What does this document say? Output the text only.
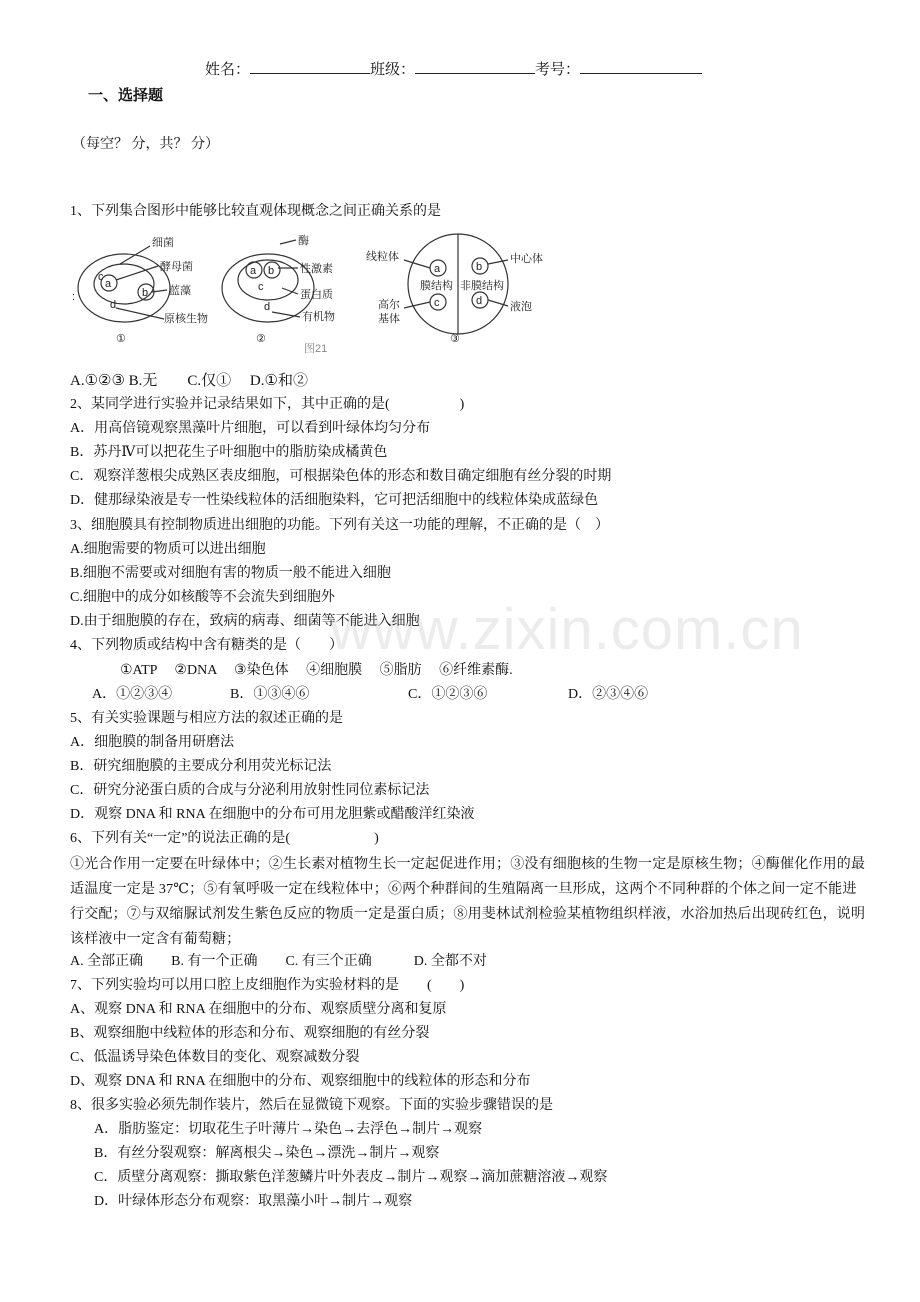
姓名：	班级：	考号：
一、选择题
（每空？ 分，共？ 分）
1、下列集合图形中能够比较直观体现概念之间正确关系的是
a
b
c
d
细菌
酵母菌
蓝藻
原核生物
:
①
a b
c
d
酶
性激素
蛋白质
有机物
②
图21
a
c
b
d
线粒体
膜结构 非膜结构
高尔
基体
中心体
液泡
③
A.①②③ B.无　　C.仅①　 D.①和②
2、某同学进行实验并记录结果如下，其中正确的是(　　　　　)
A．用高倍镜观察黑藻叶片细胞，可以看到叶绿体均匀分布
B．苏丹Ⅳ可以把花生子叶细胞中的脂肪染成橘黄色
C．观察洋葱根尖成熟区表皮细胞，可根据染色体的形态和数目确定细胞有丝分裂的时期
D．健那绿染液是专一性染线粒体的活细胞染料，它可把活细胞中的线粒体染成蓝绿色
3、细胞膜具有控制物质进出细胞的功能。下列有关这一功能的理解，不正确的是（　）
A.细胞需要的物质可以进出细胞
B.细胞不需要或对细胞有害的物质一般不能进入细胞
C.细胞中的成分如核酸等不会流失到细胞外
D.由于细胞膜的存在，致病的病毒、细菌等不能进入细胞
www.zixin.com.cn
4、下列物质或结构中含有糖类的是（　　）
①ATP　 ②DNA　 ③染色体　 ④细胞膜　 ⑤脂肪　 ⑥纤维素酶.
A．①②③④	B．①③④⑥	C．①②③⑥	D．②③④⑥
5、有关实验课题与相应方法的叙述正确的是
A．细胞膜的制备用研磨法
B．研究细胞膜的主要成分利用荧光标记法
C．研究分泌蛋白质的合成与分泌利用放射性同位素标记法
D．观察 DNA 和 RNA 在细胞中的分布可用龙胆紫或醋酸洋红染液
6、下列有关“一定”的说法正确的是(　　　　　　)
①光合作用一定要在叶绿体中；②生长素对植物生长一定起促进作用；③没有细胞核的生物一定是原核生物；④酶催化作用的最适温度一定是 37℃；⑤有氧呼吸一定在线粒体中；⑥两个种群间的生殖隔离一旦形成，这两个不同种群的个体之间一定不能进行交配；⑦与双缩脲试剂发生紫色反应的物质一定是蛋白质；⑧用斐林试剂检验某植物组织样液，水浴加热后出现砖红色，说明该样液中一定含有葡萄糖；
A. 全部正确　　B. 有一个正确　　C. 有三个正确　　　D. 全都不对
7、下列实验均可以用口腔上皮细胞作为实验材料的是　　(　　)
A、观察 DNA 和 RNA 在细胞中的分布、观察质壁分离和复原
B、观察细胞中线粒体的形态和分布、观察细胞的有丝分裂
C、低温诱导染色体数目的变化、观察减数分裂
D、观察 DNA 和 RNA 在细胞中的分布、观察细胞中的线粒体的形态和分布
8、很多实验必须先制作装片，然后在显微镜下观察。下面的实验步骤错误的是
A．脂肪鉴定：切取花生子叶薄片→染色→去浮色→制片→观察
B．有丝分裂观察：解离根尖→染色→漂洗→制片→观察
C．质壁分离观察：撕取紫色洋葱鳞片叶外表皮→制片→观察→滴加蔗糖溶液→观察
D．叶绿体形态分布观察：取黑藻小叶→制片→观察
